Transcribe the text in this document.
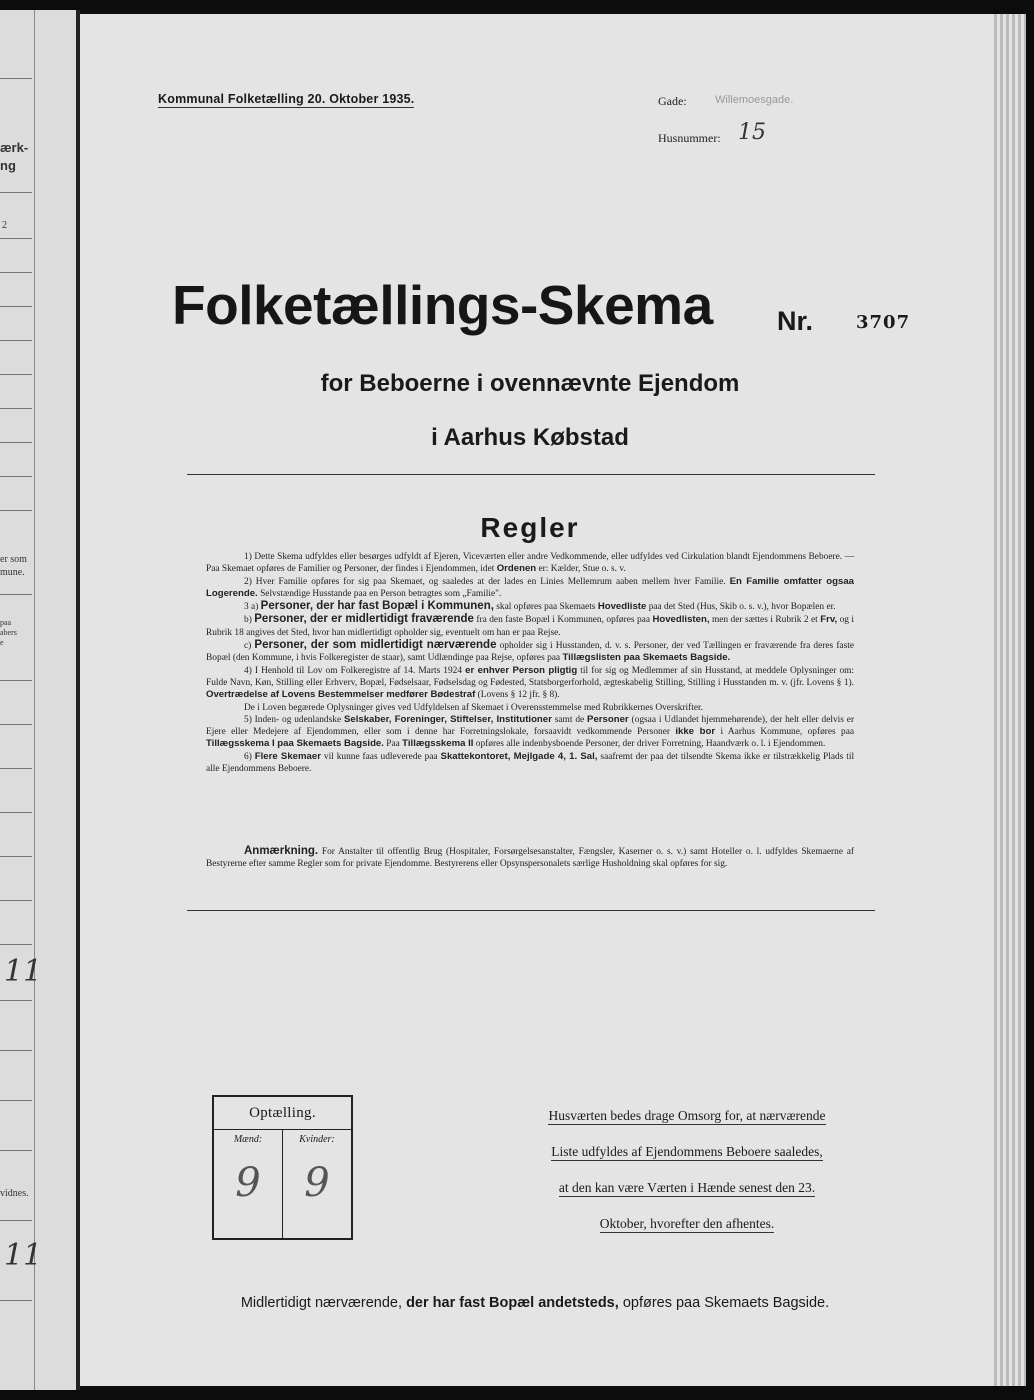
ærk-
ng
2
er som
mune.
paa
abers
e
11
vidnes.
11
Kommunal Folketælling 20. Oktober 1935.	Gade:	Willemoesgade.
Husnummer: 15
Folketællings-Skema Nr. 3707
for Beboerne i ovennævnte Ejendom
i Aarhus Købstad
Regler

1) Dette Skema udfyldes eller besørges udfyldt af Ejeren, Viceværten eller andre Vedkommende, eller udfyldes ved Cirkulation blandt Ejendommens Beboere. — Paa Skemaet opføres de Familier og Personer, der findes i Ejendommen, idet Ordenen er: Kælder, Stue o. s. v.

2) Hver Familie opføres for sig paa Skemaet, og saaledes at der lades en Linies Mellemrum aaben mellem hver Familie. En Familie omfatter ogsaa Logerende. Selvstændige Husstande paa en Person betragtes som „Familie".

3 a) Personer, der har fast Bopæl i Kommunen, skal opføres paa Skemaets Hovedliste paa det Sted (Hus, Skib o. s. v.), hvor Bopælen er.

b) Personer, der er midlertidigt fraværende fra den faste Bopæl i Kommunen, opføres paa Hovedlisten, men der sættes i Rubrik 2 et Frv, og i Rubrik 18 angives det Sted, hvor han midlertidigt opholder sig, eventuelt om han er paa Rejse.

c) Personer, der som midlertidigt nærværende opholder sig i Husstanden, d. v. s. Personer, der ved Tællingen er fraværende fra deres faste Bopæl (den Kommune, i hvis Folkeregister de staar), samt Udlændinge paa Rejse, opføres paa Tillægslisten paa Skemaets Bagside.

4) I Henhold til Lov om Folkeregistre af 14. Marts 1924 er enhver Person pligtig til for sig og Medlemmer af sin Husstand, at meddele Oplysninger om: Fulde Navn, Køn, Stilling eller Erhverv, Bopæl, Fødselsaar, Fødselsdag og Fødested, Statsborgerforhold, ægteskabelig Stilling, Stilling i Husstanden m. v. (jfr. Lovens § 1). Overtrædelse af Lovens Bestemmelser medfører Bødestraf (Lovens § 12 jfr. § 8).

De i Loven begærede Oplysninger gives ved Udfyldelsen af Skemaet i Overensstemmelse med Rubrikkernes Overskrifter.

5) Inden- og udenlandske Selskaber, Foreninger, Stiftelser, Institutioner samt de Personer (ogsaa i Udlandet hjemmehørende), der helt eller delvis er Ejere eller Medejere af Ejendommen, eller som i denne har Forretningslokale, forsaavidt vedkommende Personer ikke bor i Aarhus Kommune, opføres paa Tillægsskema I paa Skemaets Bagside. Paa Tillægsskema II opføres alle indenbysboende Personer, der driver Forretning, Haandværk o. l. i Ejendommen.

6) Flere Skemaer vil kunne faas udleverede paa Skattekontoret, Mejlgade 4, 1. Sal, saafremt der paa det tilsendte Skema ikke er tilstrækkelig Plads til alle Ejendommens Beboere.

Anmærkning. For Anstalter til offentlig Brug (Hospitaler, Forsørgelsesanstalter, Fængsler, Kaserner o. s. v.) samt Hoteller o. l. udfyldes Skemaerne af Bestyrerne efter samme Regler som for private Ejendomme. Bestyrerens eller Opsynspersonalets særlige Husholdning skal opføres for sig.

Optælling.
Mænd:
9
Kvinder:
9
Husværten bedes drage Omsorg for, at nærværende
Liste udfyldes af Ejendommens Beboere saaledes,
at den kan være Værten i Hænde senest den 23.
Oktober, hvorefter den afhentes.
Midlertidigt nærværende, der har fast Bopæl andetsteds, opføres paa Skemaets Bagside.
